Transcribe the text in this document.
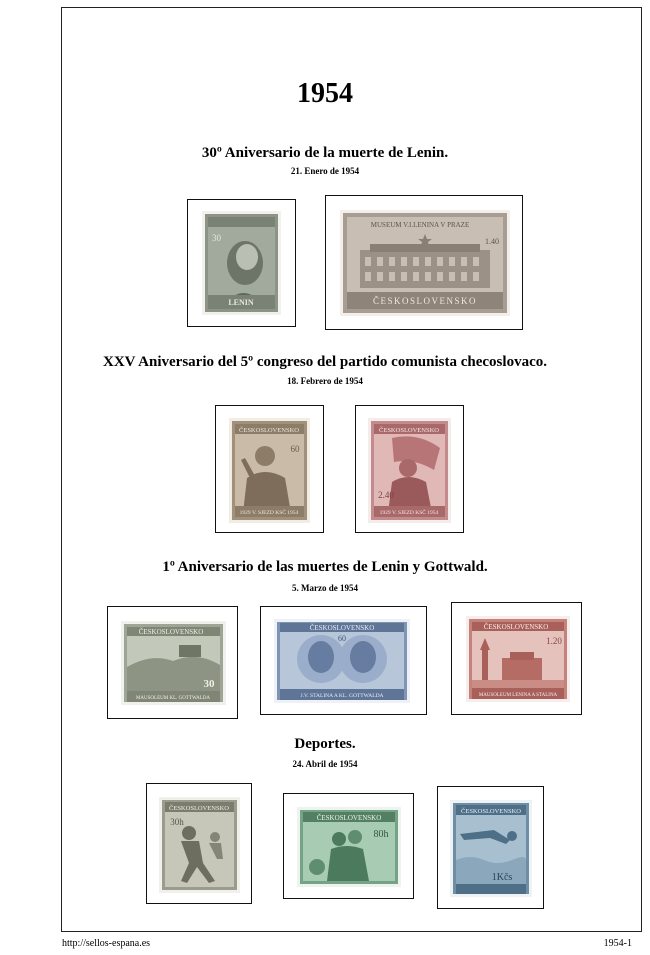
1954
30º Aniversario de la muerte de Lenin.
21. Enero de 1954
30
LENIN
MUSEUM V.I.LENINA V PRAZE
1.40
ČESKOSLOVENSKO
XXV Aniversario del 5º congreso del partido comunista checoslovaco.
18. Febrero de 1954
ČESKOSLOVENSKO
60
1929 V. SJEZD KSČ 1954
ČESKOSLOVENSKO
2.40
1929 V. SJEZD KSČ 1954
1º Aniversario de las muertes de Lenin y Gottwald.
5. Marzo de 1954
ČESKOSLOVENSKO
30
MAUSOLEUM KL. GOTTWALDA
ČESKOSLOVENSKO
60
J.V. STALINA A KL. GOTTWALDA
ČESKOSLOVENSKO
1.20
MAUSOLEUM LENINA A STALINA
Deportes.
24. Abril de 1954
ČESKOSLOVENSKO
30h	ČESKOSLOVENSKO
80h
ČESKOSLOVENSKO
1Kčs
http://sellos-espana.es	1954-1
